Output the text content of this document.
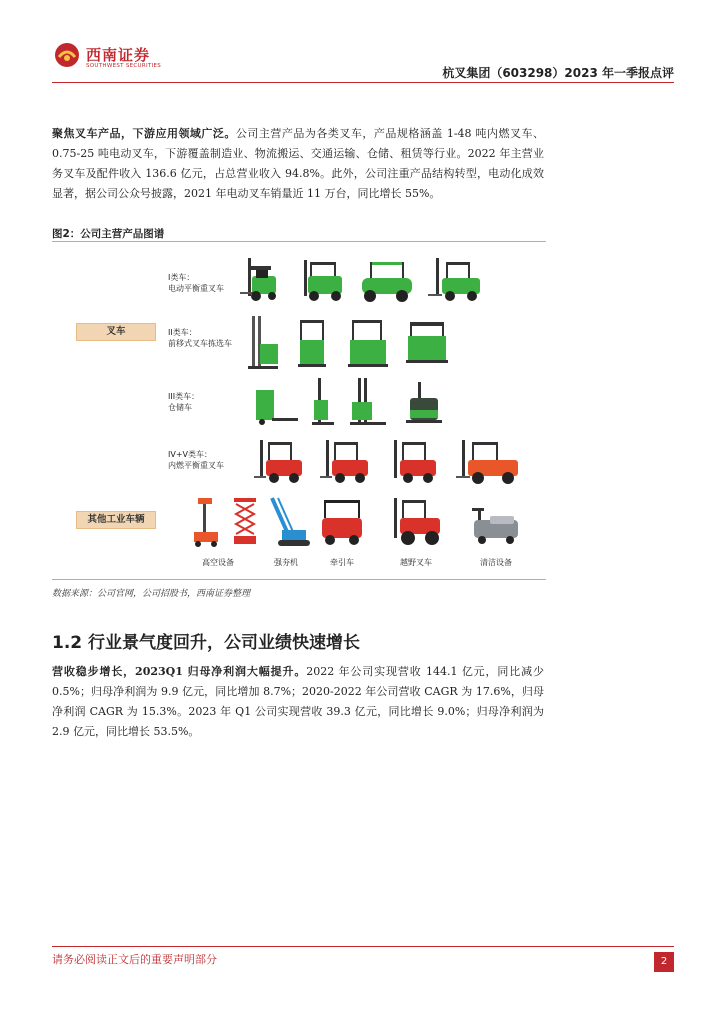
西南证券
SOUTHWEST SECURITIES	杭叉集团（603298）2023 年一季报点评
聚焦叉车产品，下游应用领域广泛。公司主营产品为各类叉车，产品规格涵盖 1-48 吨内燃叉车、0.75-25 吨电动叉车，下游覆盖制造业、物流搬运、交通运输、仓储、租赁等行业。2022 年主营业务叉车及配件收入 136.6 亿元，占总营业收入 94.8%。此外，公司注重产品结构转型，电动化成效显著，据公司公众号披露，2021 年电动叉车销量近 11 万台，同比增长 55%。
图2：公司主营产品图谱
叉车
其他工业车辆
I类车：
电动平衡重叉车
II类车：
前移式叉车拣选车
III类车：
仓储车
IV+V类车：
内燃平衡重叉车
高空设备	强夯机	牵引车	越野叉车	清洁设备
数据来源：公司官网，公司招股书，西南证券整理
1.2 行业景气度回升，公司业绩快速增长
营收稳步增长，2023Q1 归母净利润大幅提升。2022 年公司实现营收 144.1 亿元，同比减少 0.5%；归母净利润为 9.9 亿元，同比增加 8.7%；2020-2022 年公司营收 CAGR 为 17.6%，归母净利润 CAGR 为 15.3%。2023 年 Q1 公司实现营收 39.3 亿元，同比增长 9.0%；归母净利润为 2.9 亿元，同比增长 53.5%。
请务必阅读正文后的重要声明部分	2
